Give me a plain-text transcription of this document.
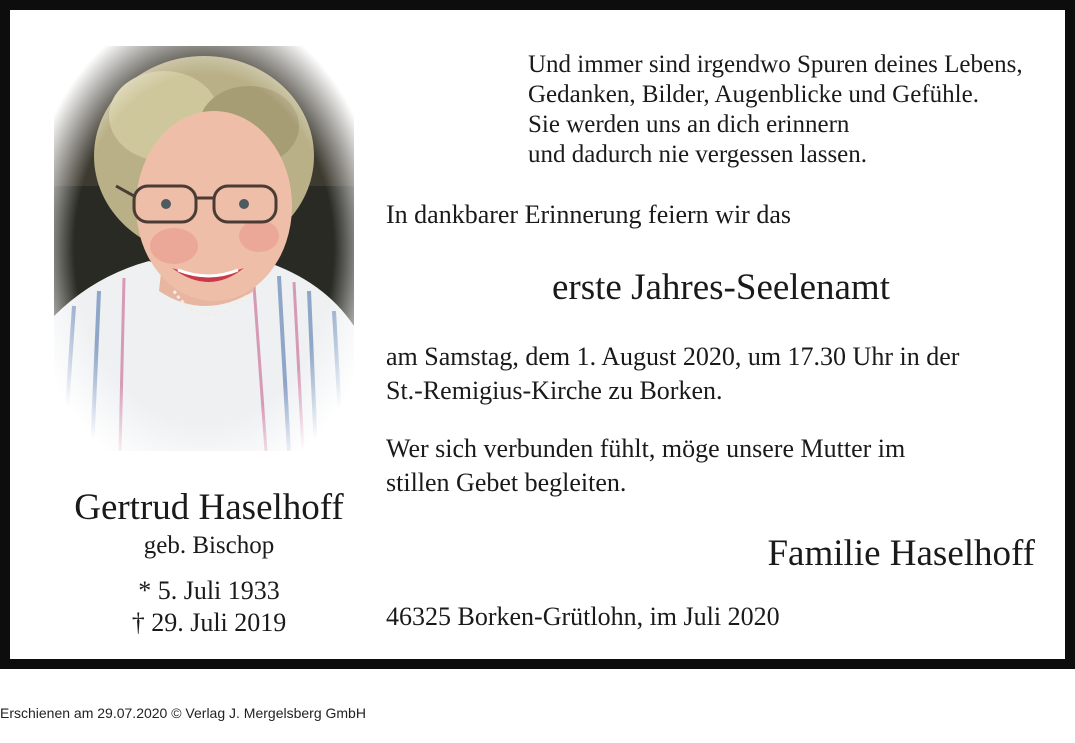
Gertrud Haselhoff
geb. Bischop
* 5. Juli 1933
† 29. Juli 2019
Und immer sind irgendwo Spuren deines Lebens,
Gedanken, Bilder, Augenblicke und Gefühle.
Sie werden uns an dich erinnern
und dadurch nie vergessen lassen.
In dankbarer Erinnerung feiern wir das
erste Jahres-Seelenamt
am Samstag, dem 1. August 2020, um 17.30 Uhr in der
St.-Remigius-Kirche zu Borken.
Wer sich verbunden fühlt, möge unsere Mutter im
stillen Gebet begleiten.
Familie Haselhoff
46325 Borken-Grütlohn, im Juli 2020
Erschienen am 29.07.2020 © Verlag J. Mergelsberg GmbH
